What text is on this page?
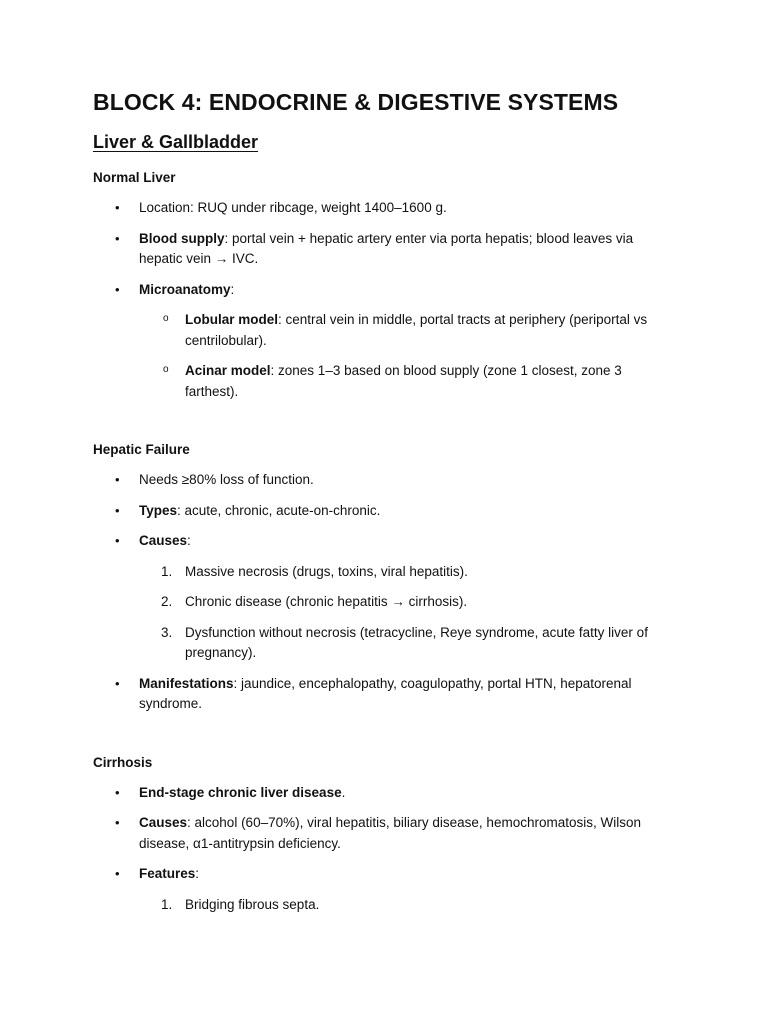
BLOCK 4: ENDOCRINE & DIGESTIVE SYSTEMS
Liver & Gallbladder
Normal Liver
• Location: RUQ under ribcage, weight 1400–1600 g.
• Blood supply: portal vein + hepatic artery enter via porta hepatis; blood leaves via hepatic vein → IVC.
• Microanatomy:
o Lobular model: central vein in middle, portal tracts at periphery (periportal vs centrilobular).
o Acinar model: zones 1–3 based on blood supply (zone 1 closest, zone 3 farthest).
Hepatic Failure
• Needs ≥80% loss of function.
• Types: acute, chronic, acute-on-chronic.
• Causes:
1. Massive necrosis (drugs, toxins, viral hepatitis).
2. Chronic disease (chronic hepatitis → cirrhosis).
3. Dysfunction without necrosis (tetracycline, Reye syndrome, acute fatty liver of pregnancy).
• Manifestations: jaundice, encephalopathy, coagulopathy, portal HTN, hepatorenal syndrome.
Cirrhosis
• End-stage chronic liver disease.
• Causes: alcohol (60–70%), viral hepatitis, biliary disease, hemochromatosis, Wilson disease, α1-antitrypsin deficiency.
• Features:
1. Bridging fibrous septa.
